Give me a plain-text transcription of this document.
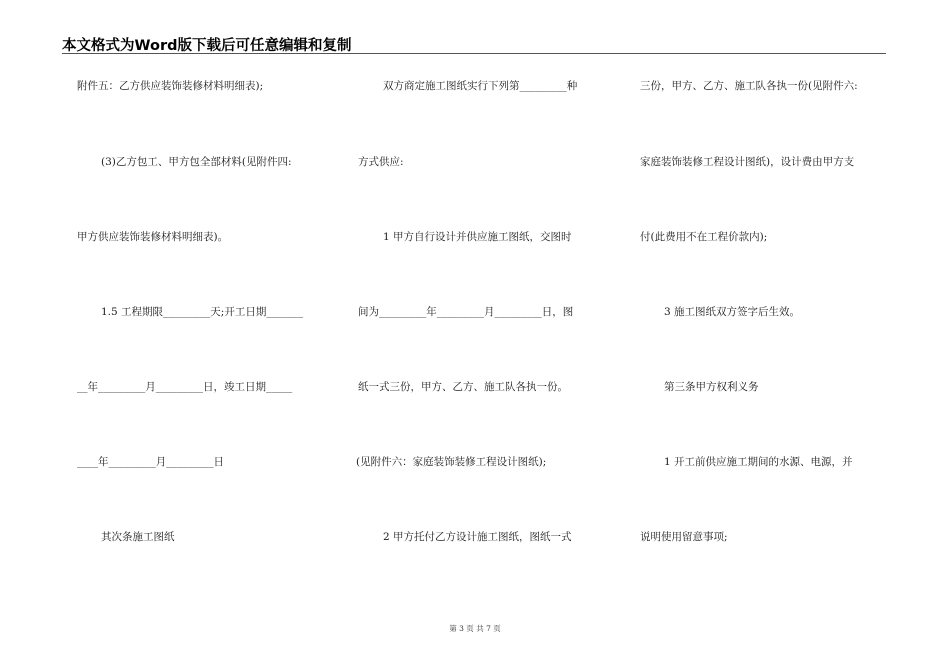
本文格式为Word版下载后可任意编辑和复制
附件五：乙方供应装饰装修材料明细表);
(3)乙方包工、甲方包全部材料(见附件四:
甲方供应装饰装修材料明细表)。
1.5 工程期限_________天;开工日期_______
__年_________月_________日，竣工日期_____
____年_________月_________日
其次条施工图纸
双方商定施工图纸实行下列第_________种
方式供应:
1 甲方自行设计并供应施工图纸，交图时
间为_________年_________月_________日，图
纸一式三份，甲方、乙方、施工队各执一份。
(见附件六：家庭装饰装修工程设计图纸);
2 甲方托付乙方设计施工图纸，图纸一式
三份，甲方、乙方、施工队各执一份(见附件六:
家庭装饰装修工程设计图纸)，设计费由甲方支
付(此费用不在工程价款内);
3 施工图纸双方签字后生效。
第三条甲方权利义务
1 开工前供应施工期间的水源、电源，并
说明使用留意事项;
第 3 页 共 7 页
